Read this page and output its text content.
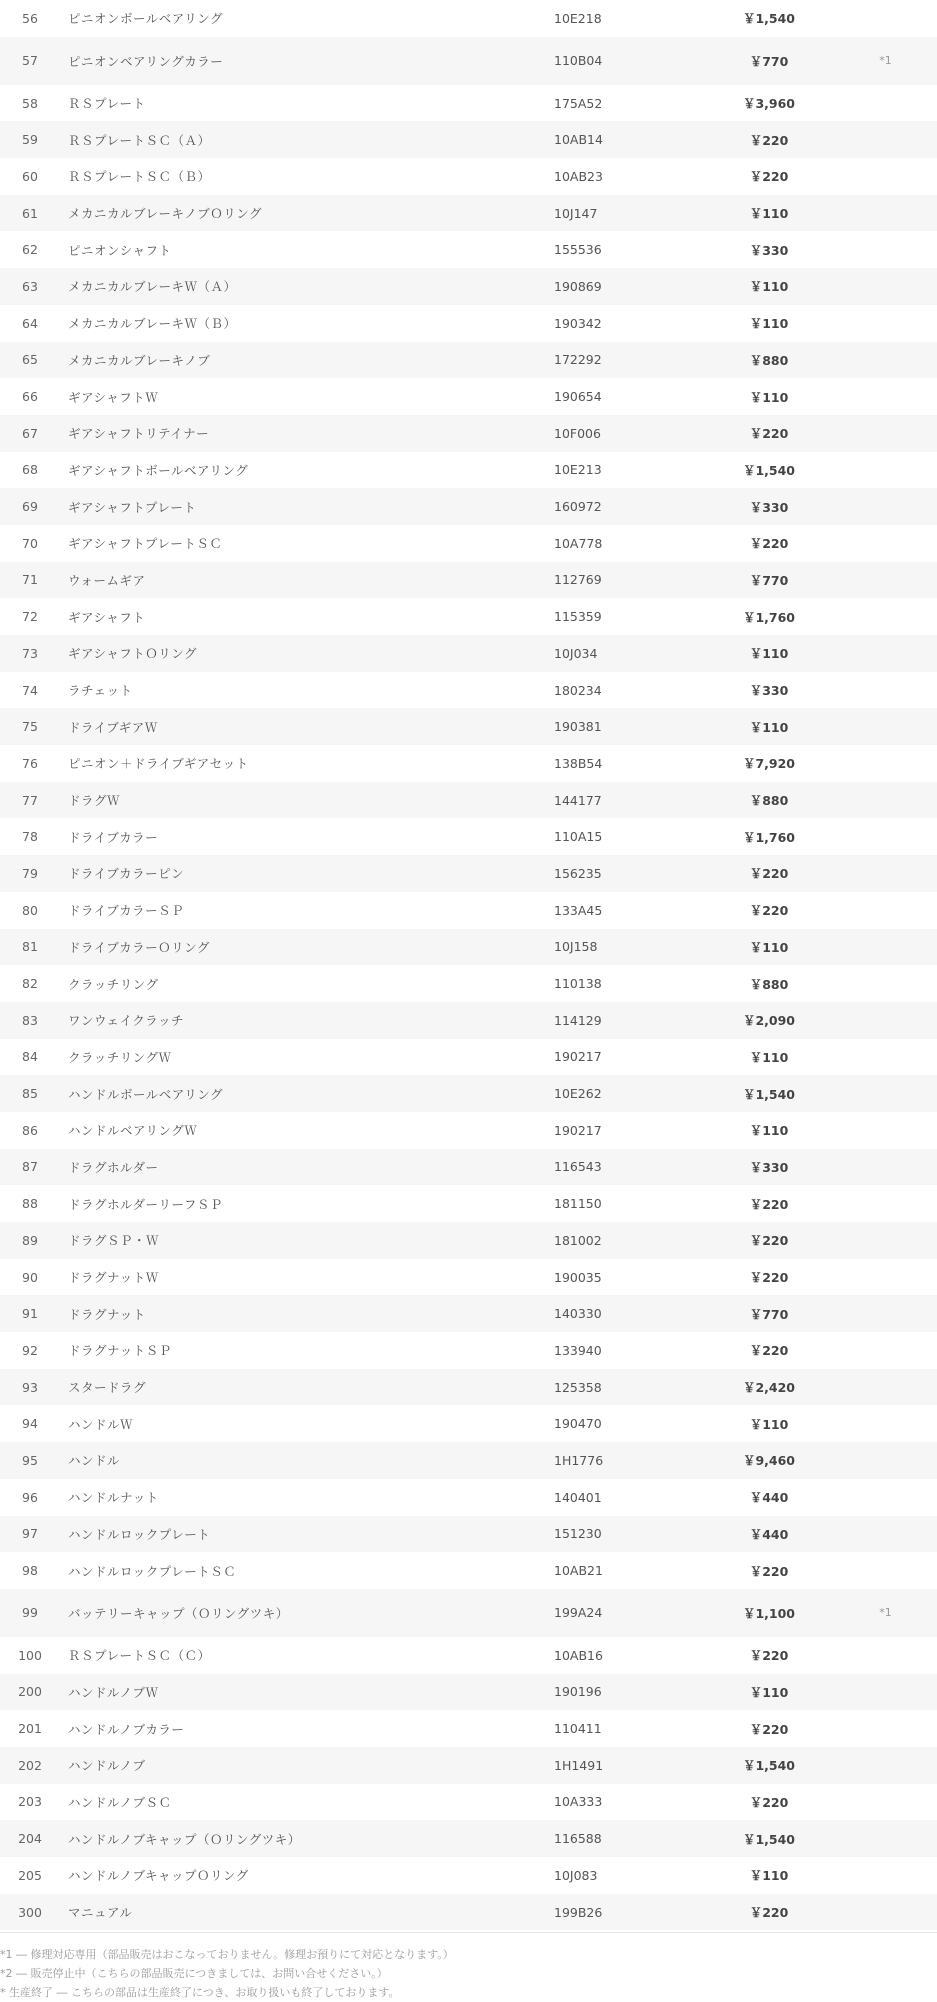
56	ピニオンボールベアリング	10E218	￥1,540
57	ピニオンベアリングカラー	110B04	￥770	*1
58	ＲＳプレート	175A52	￥3,960
59	ＲＳプレートＳＣ（Ａ）	10AB14	￥220
60	ＲＳプレートＳＣ（Ｂ）	10AB23	￥220
61	メカニカルブレーキノブＯリング	10J147	￥110
62	ピニオンシャフト	155536	￥330
63	メカニカルブレーキＷ（Ａ）	190869	￥110
64	メカニカルブレーキＷ（Ｂ）	190342	￥110
65	メカニカルブレーキノブ	172292	￥880
66	ギアシャフトＷ	190654	￥110
67	ギアシャフトリテイナー	10F006	￥220
68	ギアシャフトボールベアリング	10E213	￥1,540
69	ギアシャフトプレート	160972	￥330
70	ギアシャフトプレートＳＣ	10A778	￥220
71	ウォームギア	112769	￥770
72	ギアシャフト	115359	￥1,760
73	ギアシャフトＯリング	10J034	￥110
74	ラチェット	180234	￥330
75	ドライブギアＷ	190381	￥110
76	ピニオン＋ドライブギアセット	138B54	￥7,920
77	ドラグＷ	144177	￥880
78	ドライブカラー	110A15	￥1,760
79	ドライブカラーピン	156235	￥220
80	ドライブカラーＳＰ	133A45	￥220
81	ドライブカラーＯリング	10J158	￥110
82	クラッチリング	110138	￥880
83	ワンウェイクラッチ	114129	￥2,090
84	クラッチリングＷ	190217	￥110
85	ハンドルボールベアリング	10E262	￥1,540
86	ハンドルベアリングＷ	190217	￥110
87	ドラグホルダー	116543	￥330
88	ドラグホルダーリーフＳＰ	181150	￥220
89	ドラグＳＰ・Ｗ	181002	￥220
90	ドラグナットＷ	190035	￥220
91	ドラグナット	140330	￥770
92	ドラグナットＳＰ	133940	￥220
93	スタードラグ	125358	￥2,420
94	ハンドルＷ	190470	￥110
95	ハンドル	1H1776	￥9,460
96	ハンドルナット	140401	￥440
97	ハンドルロックプレート	151230	￥440
98	ハンドルロックプレートＳＣ	10AB21	￥220
99	バッテリーキャップ（Ｏリングツキ）	199A24	￥1,100	*1
100	ＲＳプレートＳＣ（Ｃ）	10AB16	￥220
200	ハンドルノブＷ	190196	￥110
201	ハンドルノブカラー	110411	￥220
202	ハンドルノブ	1H1491	￥1,540
203	ハンドルノブＳＣ	10A333	￥220
204	ハンドルノブキャップ（Ｏリングツキ）	116588	￥1,540
205	ハンドルノブキャップＯリング	10J083	￥110
300	マニュアル	199B26	￥220
*1 ― 修理対応専用（部品販売はおこなっておりません。修理お預りにて対応となります。）
*2 ― 販売停止中（こちらの部品販売につきましては、お問い合せください。）
* 生産終了 ― こちらの部品は生産終了につき、お取り扱いも終了しております。
